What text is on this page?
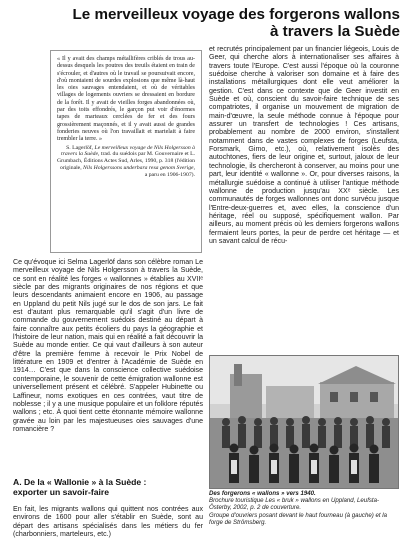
Le merveilleux voyage des forgerons wallons
à travers la Suède

« Il y avait des champs métallifères criblés de trous au-dessus desquels les poutres des treuils étaient en train de s'écrouler, et d'autres où le travail se poursuivait encore, d'où montaient de sourdes explosions que même là-haut les oies sauvages entendaient, et où de véritables villages de logements ouvriers se dressaient en bordure de la forêt. Il y avait de vieilles forges abandonnées où, par des toits effondrés, le garçon put voir d'énormes tapes de marteaux cerclées de fer et des fours grossièrement maçonnés, et il y avait aussi de grandes fonderies neuves où l'on travaillait et martelait à faire trembler la terre. »

S. Lagerlöf, Le merveilleux voyage de Nils Holgersson à travers la Suède, trad. du suédois par M. Gouvernaire et L. Grumbach, Éditions Actes Sud, Arles, 1990, p. 318 (l'édition originale, Nils Holgerssons underbara resa genom Sverige, a paru en 1906-1907).

Ce qu'évoque ici Selma Lagerlöf dans son célèbre roman Le merveilleux voyage de Nils Holgersson à travers la Suède, ce sont en réalité les forges « wallonnes » établies au XVIIᵉ siècle par des migrants originaires de nos régions et que leurs descendants animaient encore en 1906, au passage en Uppland du petit Nils jugé sur le dos de son jars. Le fait est d'autant plus remarquable qu'il s'agit d'un livre de commande du gouvernement suédois destiné au départ à faire connaître aux petits écoliers du pays la géographie et l'histoire de leur nation, mais qui en réalité a fait découvrir la Suède au monde entier. Ce qui vaut d'ailleurs à son auteur d'être la première femme à recevoir le Prix Nobel de littérature en 1909 et d'entrer à l'Académie de Suède en 1914… C'est que dans la conscience collective suédoise contemporaine, le souvenir de cette émigration wallonne est universellement présent et célébré. S'appeler Hubinette ou Laffineur, noms exotiques en ces contrées, vaut titre de noblesse ; il y a une musique populaire et un folklore réputés wallons ; etc. À quoi tient cette étonnante mémoire wallonne gravée au loin par les majestueuses oies sauvages d'une romancière ?

A. De la « Wallonie » à la Suède :
exporter un savoir-faire

En fait, les migrants wallons qui quittent nos contrées aux environs de 1600 pour aller s'établir en Suède, sont au départ des artisans spécialisés dans les métiers du fer (charbonniers, marteleurs, etc.)

et recrutés principalement par un financier liégeois, Louis de Geer, qui cherche alors à internationaliser ses affaires à travers toute l'Europe. C'est aussi l'époque où la couronne suédoise cherche à valoriser son domaine et à faire des installations métallurgiques dont elle veut améliorer la gestion. C'est dans ce contexte que de Geer investit en Suède et où, conscient du savoir-faire technique de ses compatriotes, il organise un mouvement de migration de main-d'œuvre, la seule méthode connue à l'époque pour assurer un transfert de technologies ! Ces artisans, probablement au nombre de 2000 environ, s'installent notamment dans de vastes complexes de forges (Leufsta, Forsmark, Gimo, etc.), où, relativement isolés des autochtones, fiers de leur origine et, surtout, jaloux de leur technologie, ils chercheront à conserver, au moins pour une part, leur identité « wallonne ». Or, pour diverses raisons, la métallurgie suédoise a continué à utiliser l'antique méthode wallonne de production jusqu'au XXᵉ siècle. Les communautés de forges wallonnes ont donc survécu jusque l'Entre-deux-guerres et, avec elles, la conscience d'un héritage, réel ou supposé, spécifiquement wallon. Par ailleurs, au moment précis où les derniers forgerons wallons fermaient leurs portes, la peur de perdre cet héritage — et un savant calcul de récu-

Des forgerons « wallons » vers 1940.
Brochure touristique Les « bruk » wallons en Uppland, Leufsta-Österby, 2002, p. 2 de couverture.
Groupe d'ouvriers posant devant le haut fourneau (à gauche) et la forge de Strömsberg.
